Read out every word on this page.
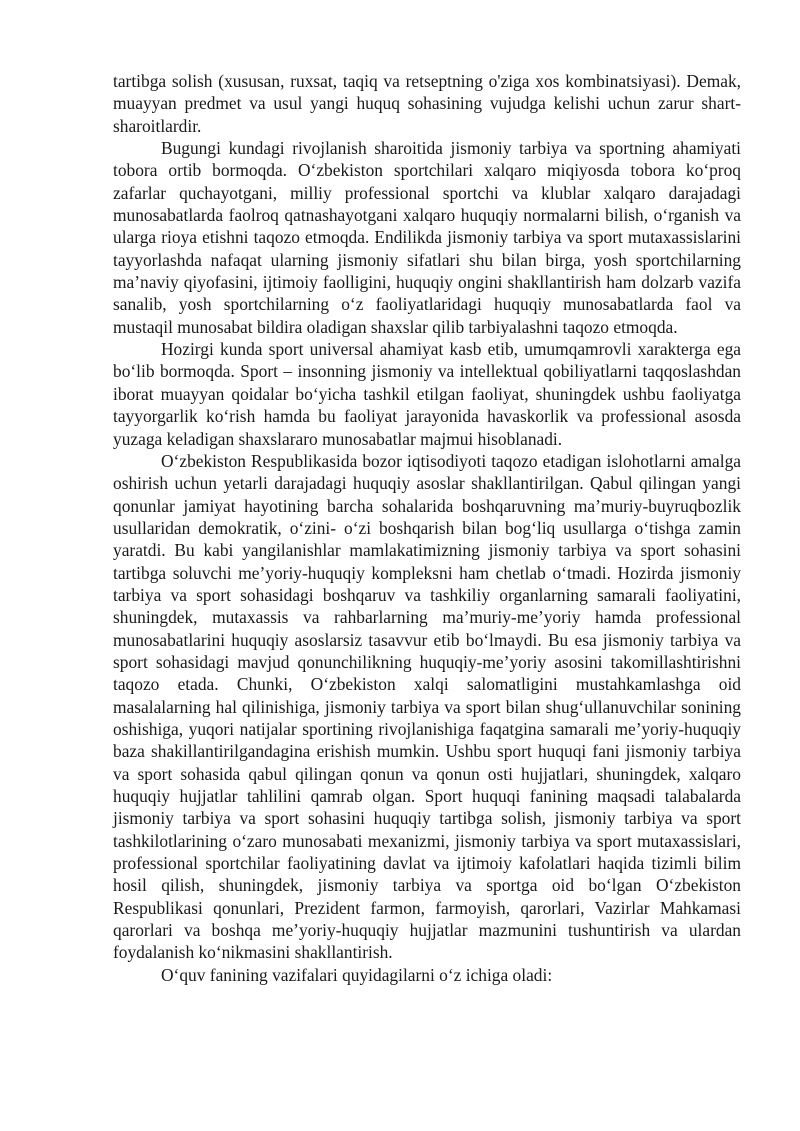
tartibga solish (xususan, ruxsat, taqiq va retseptning o'ziga xos kombinatsiyasi). Demak, muayyan predmet va usul yangi huquq sohasining vujudga kelishi uchun zarur shart-sharoitlardir.

Bugungi kundagi rivojlanish sharoitida jismoniy tarbiya va sportning ahamiyati tobora ortib bormoqda. O‘zbekiston sportchilari xalqaro miqiyosda tobora ko‘proq zafarlar quchayotgani, milliy professional sportchi va klublar xalqaro darajadagi munosabatlarda faolroq qatnashayotgani xalqaro huquqiy normalarni bilish, o‘rganish va ularga rioya etishni taqozo etmoqda. Endilikda jismoniy tarbiya va sport mutaxassislarini tayyorlashda nafaqat ularning jismoniy sifatlari shu bilan birga, yosh sportchilarning ma’naviy qiyofasini, ijtimoiy faolligini, huquqiy ongini shakllantirish ham dolzarb vazifa sanalib, yosh sportchilarning o‘z faoliyatlaridagi huquqiy munosabatlarda faol va mustaqil munosabat bildira oladigan shaxslar qilib tarbiyalashni taqozo etmoqda.

Hozirgi kunda sport universal ahamiyat kasb etib, umumqamrovli xarakterga ega bo‘lib bormoqda. Sport – insonning jismoniy va intellektual qobiliyatlarni taqqoslashdan iborat muayyan qoidalar bo‘yicha tashkil etilgan faoliyat, shuningdek ushbu faoliyatga tayyorgarlik ko‘rish hamda bu faoliyat jarayonida havaskorlik va professional asosda yuzaga keladigan shaxslararo munosabatlar majmui hisoblanadi.

O‘zbekiston Respublikasida bozor iqtisodiyoti taqozo etadigan islohotlarni amalga oshirish uchun yetarli darajadagi huquqiy asoslar shakllantirilgan. Qabul qilingan yangi qonunlar jamiyat hayotining barcha sohalarida boshqaruvning ma’muriy-buyruqbozlik usullaridan demokratik, o‘zini- o‘zi boshqarish bilan bog‘liq usullarga o‘tishga zamin yaratdi. Bu kabi yangilanishlar mamlakatimizning jismoniy tarbiya va sport sohasini tartibga soluvchi me’yoriy-huquqiy kompleksni ham chetlab o‘tmadi. Hozirda jismoniy tarbiya va sport sohasidagi boshqaruv va tashkiliy organlarning samarali faoliyatini, shuningdek, mutaxassis va rahbarlarning ma’muriy-me’yoriy hamda professional munosabatlarini huquqiy asoslarsiz tasavvur etib bo‘lmaydi. Bu esa jismoniy tarbiya va sport sohasidagi mavjud qonunchilikning huquqiy-me’yoriy asosini takomillashtirishni taqozo etada. Chunki, O‘zbekiston xalqi salomatligini mustahkamlashga oid masalalarning hal qilinishiga, jismoniy tarbiya va sport bilan shug‘ullanuvchilar sonining oshishiga, yuqori natijalar sportining rivojlanishiga faqatgina samarali me’yoriy-huquqiy baza shakillantirilgandagina erishish mumkin. Ushbu sport huquqi fani jismoniy tarbiya va sport sohasida qabul qilingan qonun va qonun osti hujjatlari, shuningdek, xalqaro huquqiy hujjatlar tahlilini qamrab olgan. Sport huquqi fanining maqsadi talabalarda jismoniy tarbiya va sport sohasini huquqiy tartibga solish, jismoniy tarbiya va sport tashkilotlarining o‘zaro munosabati mexanizmi, jismoniy tarbiya va sport mutaxassislari, professional sportchilar faoliyatining davlat va ijtimoiy kafolatlari haqida tizimli bilim hosil qilish, shuningdek, jismoniy tarbiya va sportga oid bo‘lgan O‘zbekiston Respublikasi qonunlari, Prezident farmon, farmoyish, qarorlari, Vazirlar Mahkamasi qarorlari va boshqa me’yoriy-huquqiy hujjatlar mazmunini tushuntirish va ulardan foydalanish ko‘nikmasini shakllantirish.

O‘quv fanining vazifalari quyidagilarni o‘z ichiga oladi:
